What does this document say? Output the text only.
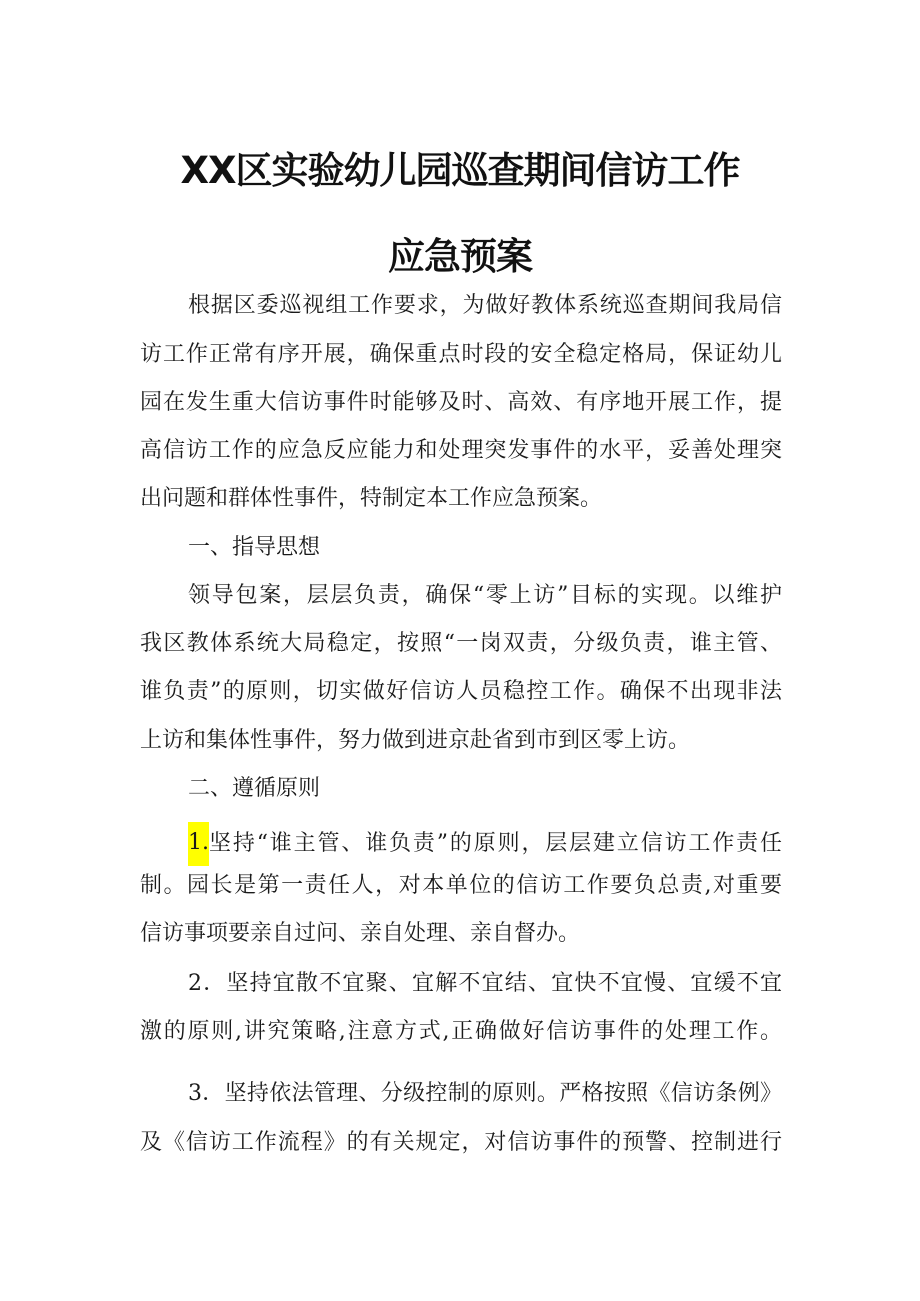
XX区实验幼儿园巡查期间信访工作
应急预案
根据区委巡视组工作要求，为做好教体系统巡查期间我局信
访工作正常有序开展，确保重点时段的安全稳定格局，保证幼儿
园在发生重大信访事件时能够及时、高效、有序地开展工作，提
高信访工作的应急反应能力和处理突发事件的水平，妥善处理突
出问题和群体性事件，特制定本工作应急预案。
一、指导思想
领导包案，层层负责，确保“零上访”目标的实现。以维护
我区教体系统大局稳定，按照“一岗双责，分级负责，谁主管、
谁负责”的原则，切实做好信访人员稳控工作。确保不出现非法
上访和集体性事件，努力做到进京赴省到市到区零上访。
二、遵循原则
1. 坚持“谁主管、谁负责”的原则，层层建立信访工作责任
制。园长是第一责任人，对本单位的信访工作要负总责,对重要
信访事项要亲自过问、亲自处理、亲自督办。
2．坚持宜散不宜聚、宜解不宜结、宜快不宜慢、宜缓不宜
激的原则,讲究策略,注意方式,正确做好信访事件的处理工作。
3．坚持依法管理、分级控制的原则。严格按照《信访条例》
及《信访工作流程》的有关规定，对信访事件的预警、控制进行
